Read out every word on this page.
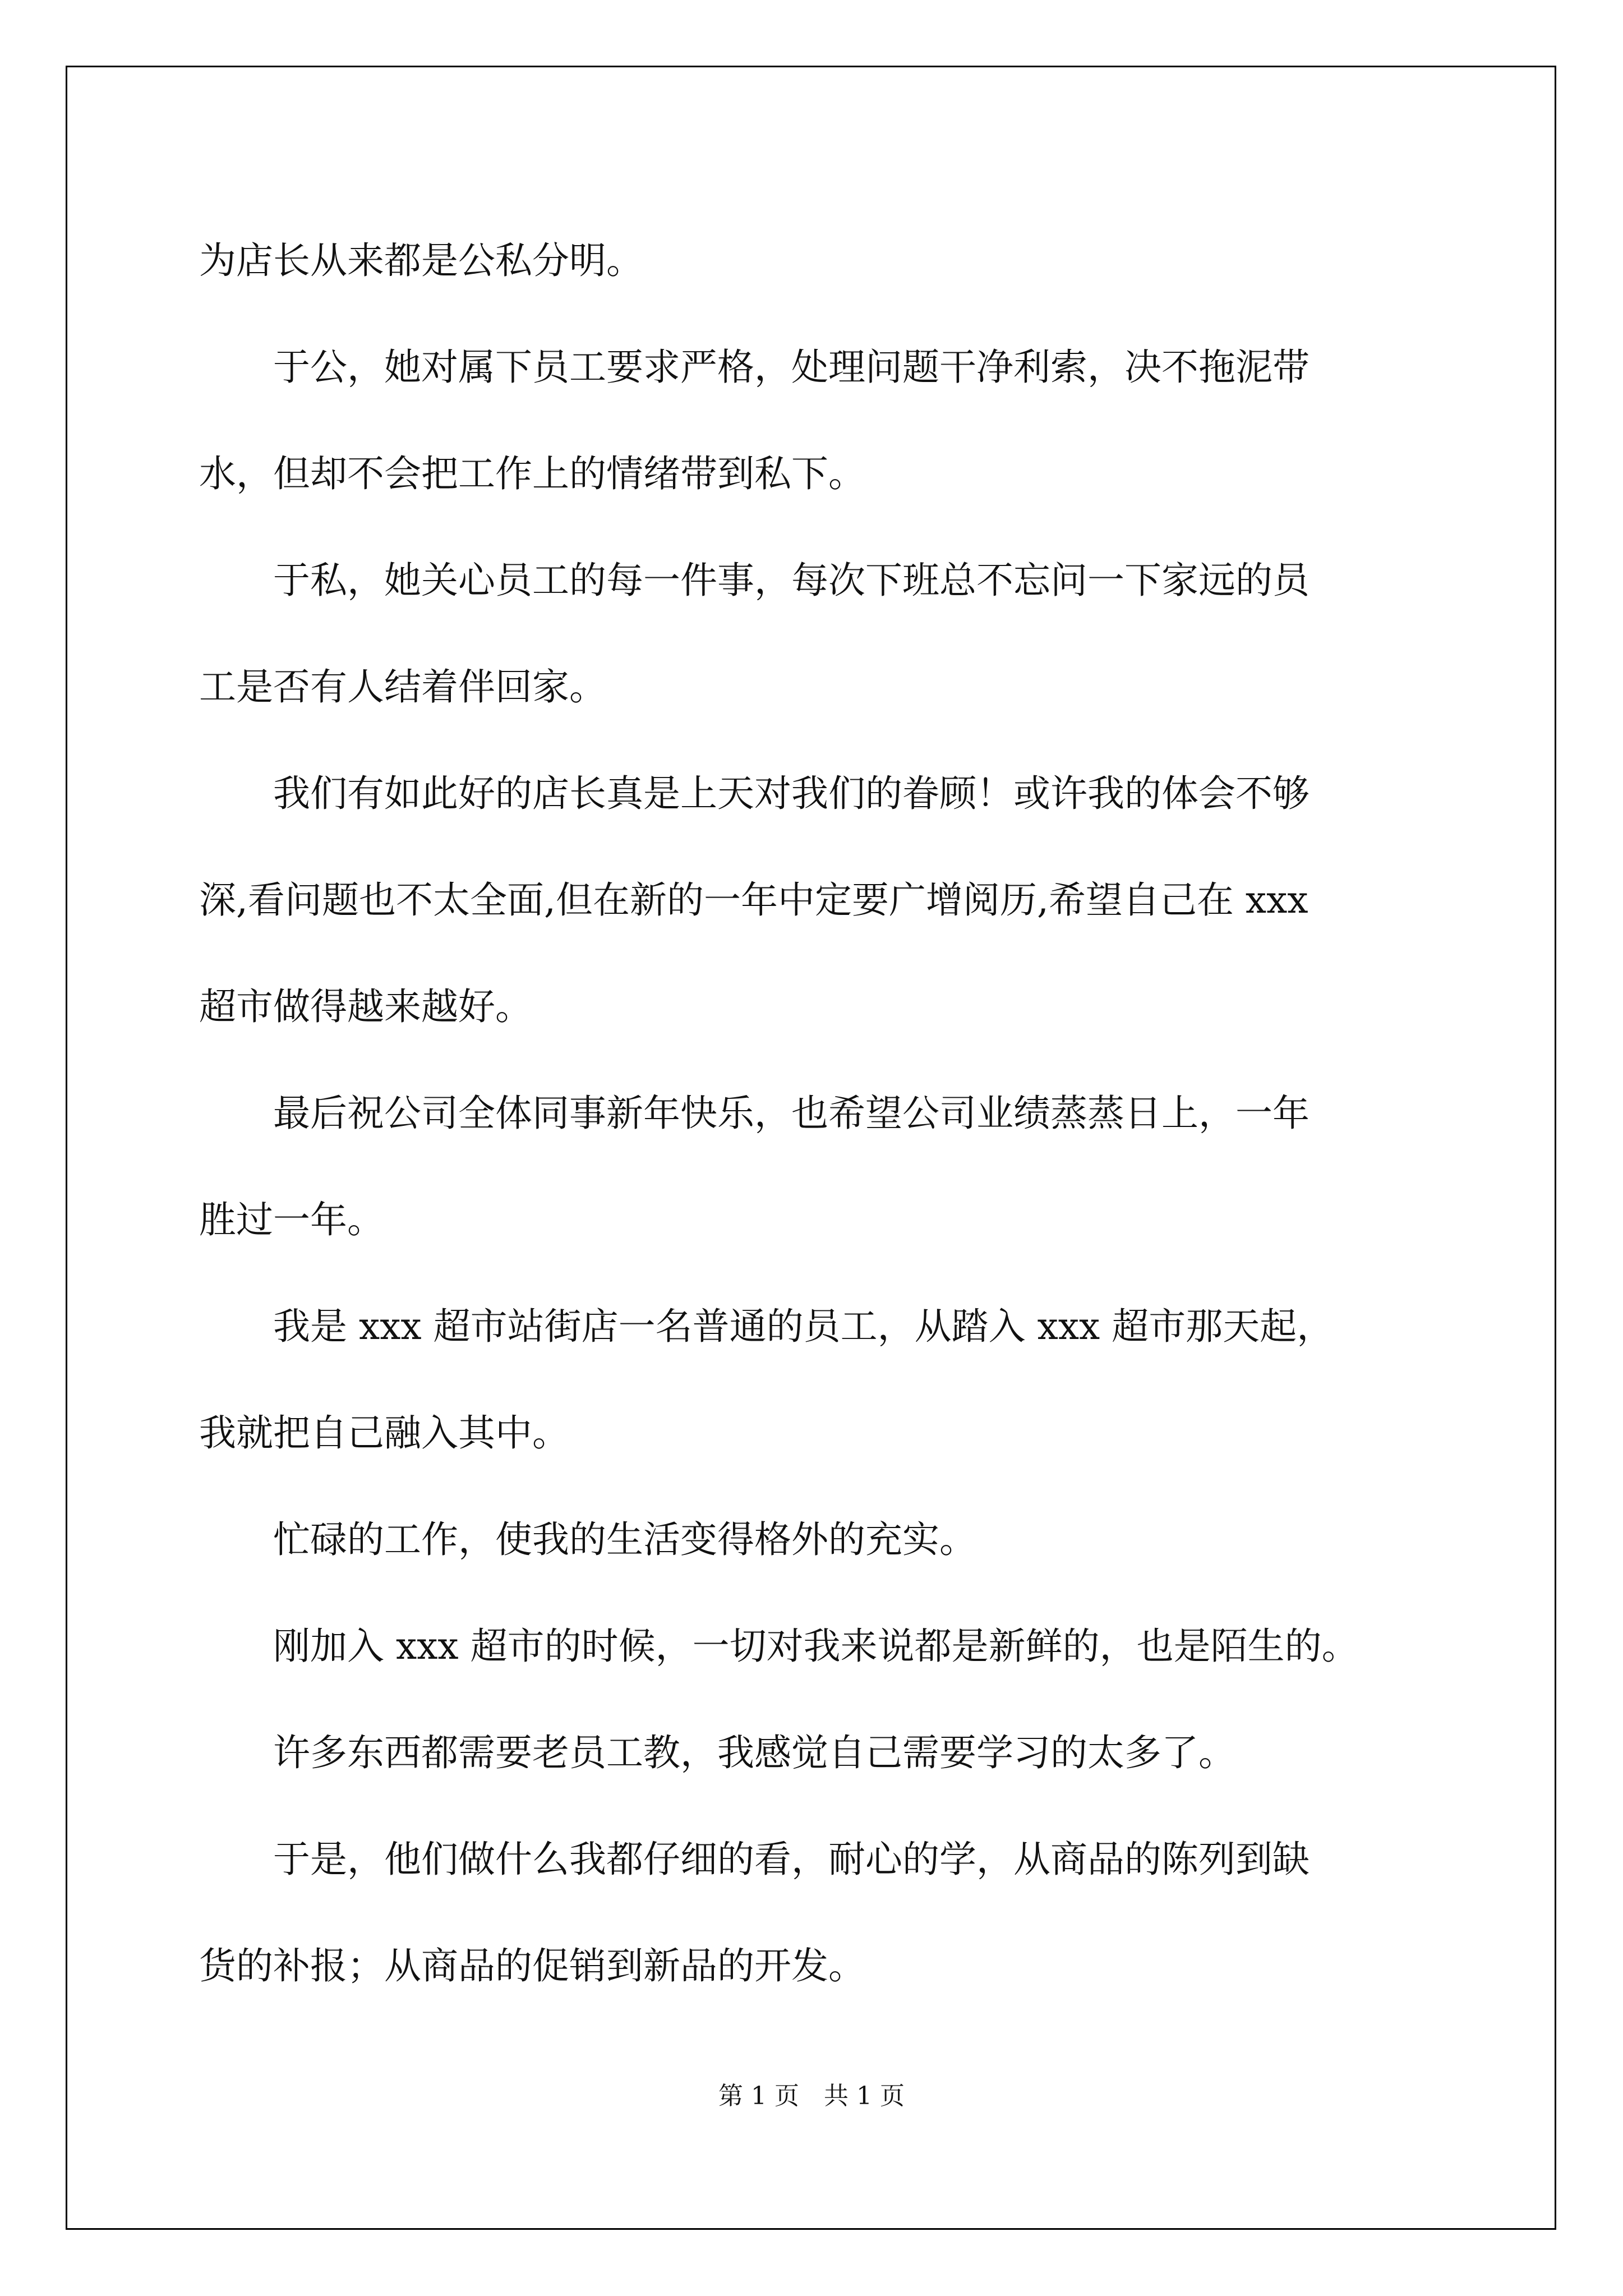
为店长从来都是公私分明。
　　于公，她对属下员工要求严格，处理问题干净利索，决不拖泥带
水，但却不会把工作上的情绪带到私下。
　　于私，她关心员工的每一件事，每次下班总不忘问一下家远的员
工是否有人结着伴回家。
　　我们有如此好的店长真是上天对我们的眷顾！或许我的体会不够
深,看问题也不太全面,但在新的一年中定要广增阅历,希望自己在 xxx
超市做得越来越好。
　　最后祝公司全体同事新年快乐，也希望公司业绩蒸蒸日上，一年
胜过一年。
　　我是 xxx 超市站街店一名普通的员工，从踏入 xxx 超市那天起，
我就把自己融入其中。
　　忙碌的工作，使我的生活变得格外的充实。
　　刚加入 xxx 超市的时候，一切对我来说都是新鲜的，也是陌生的。
　　许多东西都需要老员工教，我感觉自己需要学习的太多了。
　　于是，他们做什么我都仔细的看，耐心的学，从商品的陈列到缺
货的补报；从商品的促销到新品的开发。
第 1 页　共 1 页
